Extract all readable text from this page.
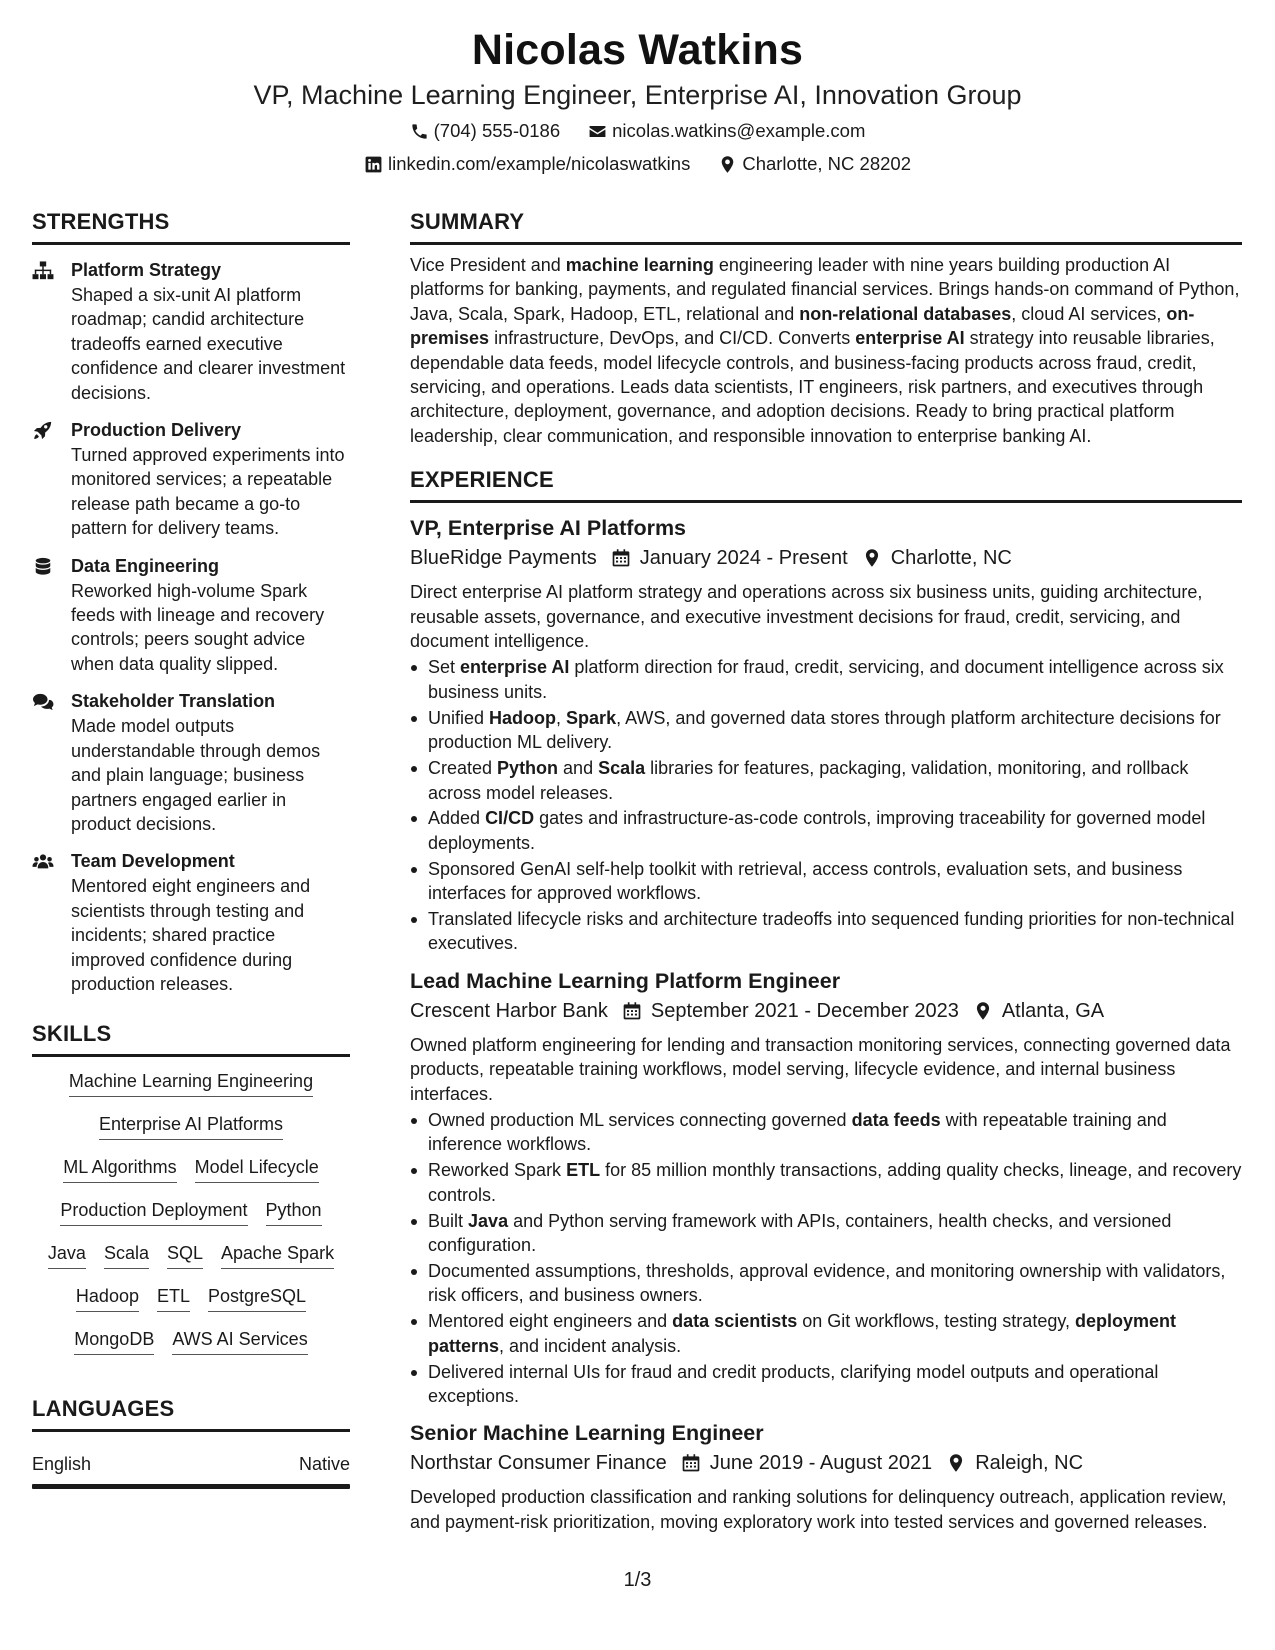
Nicolas Watkins
VP, Machine Learning Engineer, Enterprise AI, Innovation Group
(704) 555-0186	nicolas.watkins@example.com
linkedin.com/example/nicolaswatkins	Charlotte, NC 28202
STRENGTHS
Platform Strategy
Shaped a six-unit AI platform roadmap; candid architecture tradeoffs earned executive confidence and clearer investment decisions.
Production Delivery
Turned approved experiments into monitored services; a repeatable release path became a go-to pattern for delivery teams.
Data Engineering
Reworked high-volume Spark feeds with lineage and recovery controls; peers sought advice when data quality slipped.
Stakeholder Translation
Made model outputs understandable through demos and plain language; business partners engaged earlier in product decisions.
Team Development
Mentored eight engineers and scientists through testing and incidents; shared practice improved confidence during production releases.
SKILLS
Machine Learning Engineering
Enterprise AI Platforms
ML Algorithms Model Lifecycle
Production Deployment Python
Java Scala SQL Apache Spark
Hadoop ETL PostgreSQL
MongoDB AWS AI Services
LANGUAGES
English	Native
SUMMARY
Vice President and machine learning engineering leader with nine years building production AI platforms for banking, payments, and regulated financial services. Brings hands-on command of Python, Java, Scala, Spark, Hadoop, ETL, relational and non-relational databases, cloud AI services, on-premises infrastructure, DevOps, and CI/CD. Converts enterprise AI strategy into reusable libraries, dependable data feeds, model lifecycle controls, and business-facing products across fraud, credit, servicing, and operations. Leads data scientists, IT engineers, risk partners, and executives through architecture, deployment, governance, and adoption decisions. Ready to bring practical platform leadership, clear communication, and responsible innovation to enterprise banking AI.
EXPERIENCE
VP, Enterprise AI Platforms
BlueRidge Payments January 2024 - Present Charlotte, NC
Direct enterprise AI platform strategy and operations across six business units, guiding architecture, reusable assets, governance, and executive investment decisions for fraud, credit, servicing, and document intelligence.
Set enterprise AI platform direction for fraud, credit, servicing, and document intelligence across six business units.
Unified Hadoop, Spark, AWS, and governed data stores through platform architecture decisions for production ML delivery.
Created Python and Scala libraries for features, packaging, validation, monitoring, and rollback across model releases.
Added CI/CD gates and infrastructure-as-code controls, improving traceability for governed model deployments.
Sponsored GenAI self-help toolkit with retrieval, access controls, evaluation sets, and business interfaces for approved workflows.
Translated lifecycle risks and architecture tradeoffs into sequenced funding priorities for non-technical executives.
Lead Machine Learning Platform Engineer
Crescent Harbor Bank September 2021 - December 2023 Atlanta, GA
Owned platform engineering for lending and transaction monitoring services, connecting governed data products, repeatable training workflows, model serving, lifecycle evidence, and internal business interfaces.
Owned production ML services connecting governed data feeds with repeatable training and inference workflows.
Reworked Spark ETL for 85 million monthly transactions, adding quality checks, lineage, and recovery controls.
Built Java and Python serving framework with APIs, containers, health checks, and versioned configuration.
Documented assumptions, thresholds, approval evidence, and monitoring ownership with validators, risk officers, and business owners.
Mentored eight engineers and data scientists on Git workflows, testing strategy, deployment patterns, and incident analysis.
Delivered internal UIs for fraud and credit products, clarifying model outputs and operational exceptions.
Senior Machine Learning Engineer
Northstar Consumer Finance June 2019 - August 2021 Raleigh, NC
Developed production classification and ranking solutions for delinquency outreach, application review, and payment-risk prioritization, moving exploratory work into tested services and governed releases.
1/3
